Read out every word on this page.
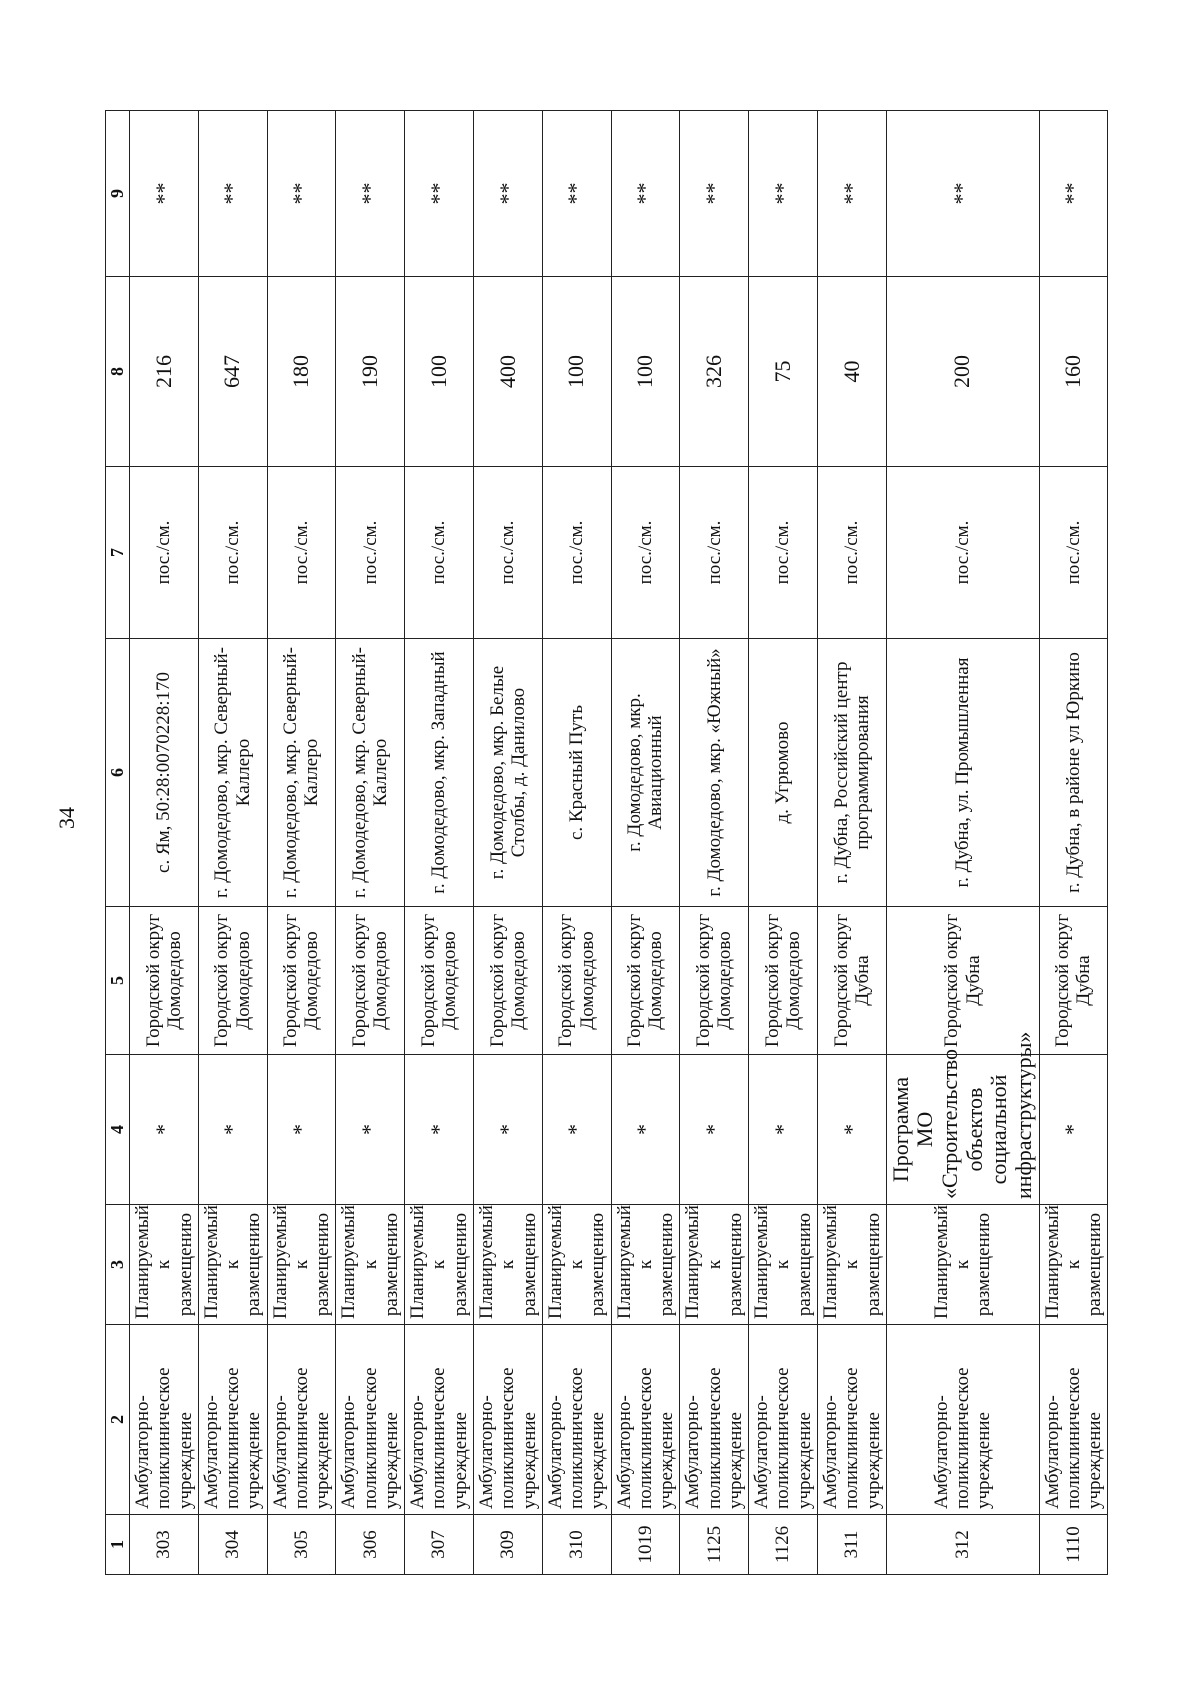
34
1	2	3	4	5	6	7	8	9
303	Амбулаторно-поликлиническое учреждение	Планируемый к размещению	*	Городской округ Домодедово	с. Ям, 50:28:0070228:170	пос./см.	216	**
304	Амбулаторно-поликлиническое учреждение	Планируемый к размещению	*	Городской округ Домодедово	г. Домодедово, мкр. Северный-Каллеро	пос./см.	647	**
305	Амбулаторно-поликлиническое учреждение	Планируемый к размещению	*	Городской округ Домодедово	г. Домодедово, мкр. Северный-Каллеро	пос./см.	180	**
306	Амбулаторно-поликлиническое учреждение	Планируемый к размещению	*	Городской округ Домодедово	г. Домодедово, мкр. Северный-Каллеро	пос./см.	190	**
307	Амбулаторно-поликлиническое учреждение	Планируемый к размещению	*	Городской округ Домодедово	г. Домодедово, мкр. Западный	пос./см.	100	**
309	Амбулаторно-поликлиническое учреждение	Планируемый к размещению	*	Городской округ Домодедово	г. Домодедово, мкр. Белые Столбы, д. Данилово	пос./см.	400	**
310	Амбулаторно-поликлиническое учреждение	Планируемый к размещению	*	Городской округ Домодедово	с. Красный Путь	пос./см.	100	**
1019	Амбулаторно-поликлиническое учреждение	Планируемый к размещению	*	Городской округ Домодедово	г. Домодедово, мкр. Авиационный	пос./см.	100	**
1125	Амбулаторно-поликлиническое учреждение	Планируемый к размещению	*	Городской округ Домодедово	г. Домодедово, мкр. «Южный»	пос./см.	326	**
1126	Амбулаторно-поликлиническое учреждение	Планируемый к размещению	*	Городской округ Домодедово	д. Угрюмово	пос./см.	75	**
311	Амбулаторно-поликлиническое учреждение	Планируемый к размещению	*	Городской округ Дубна	г. Дубна, Российский центр программирования	пос./см.	40	**
312	Амбулаторно-поликлиническое учреждение	Планируемый к размещению	Программа МО «Строительство объектов социальной инфраструктуры»	Городской округ Дубна	г. Дубна, ул. Промышленная	пос./см.	200	**
1110	Амбулаторно-поликлиническое учреждение	Планируемый к размещению	*	Городской округ Дубна	г. Дубна, в районе ул Юркино	пос./см.	160	**
